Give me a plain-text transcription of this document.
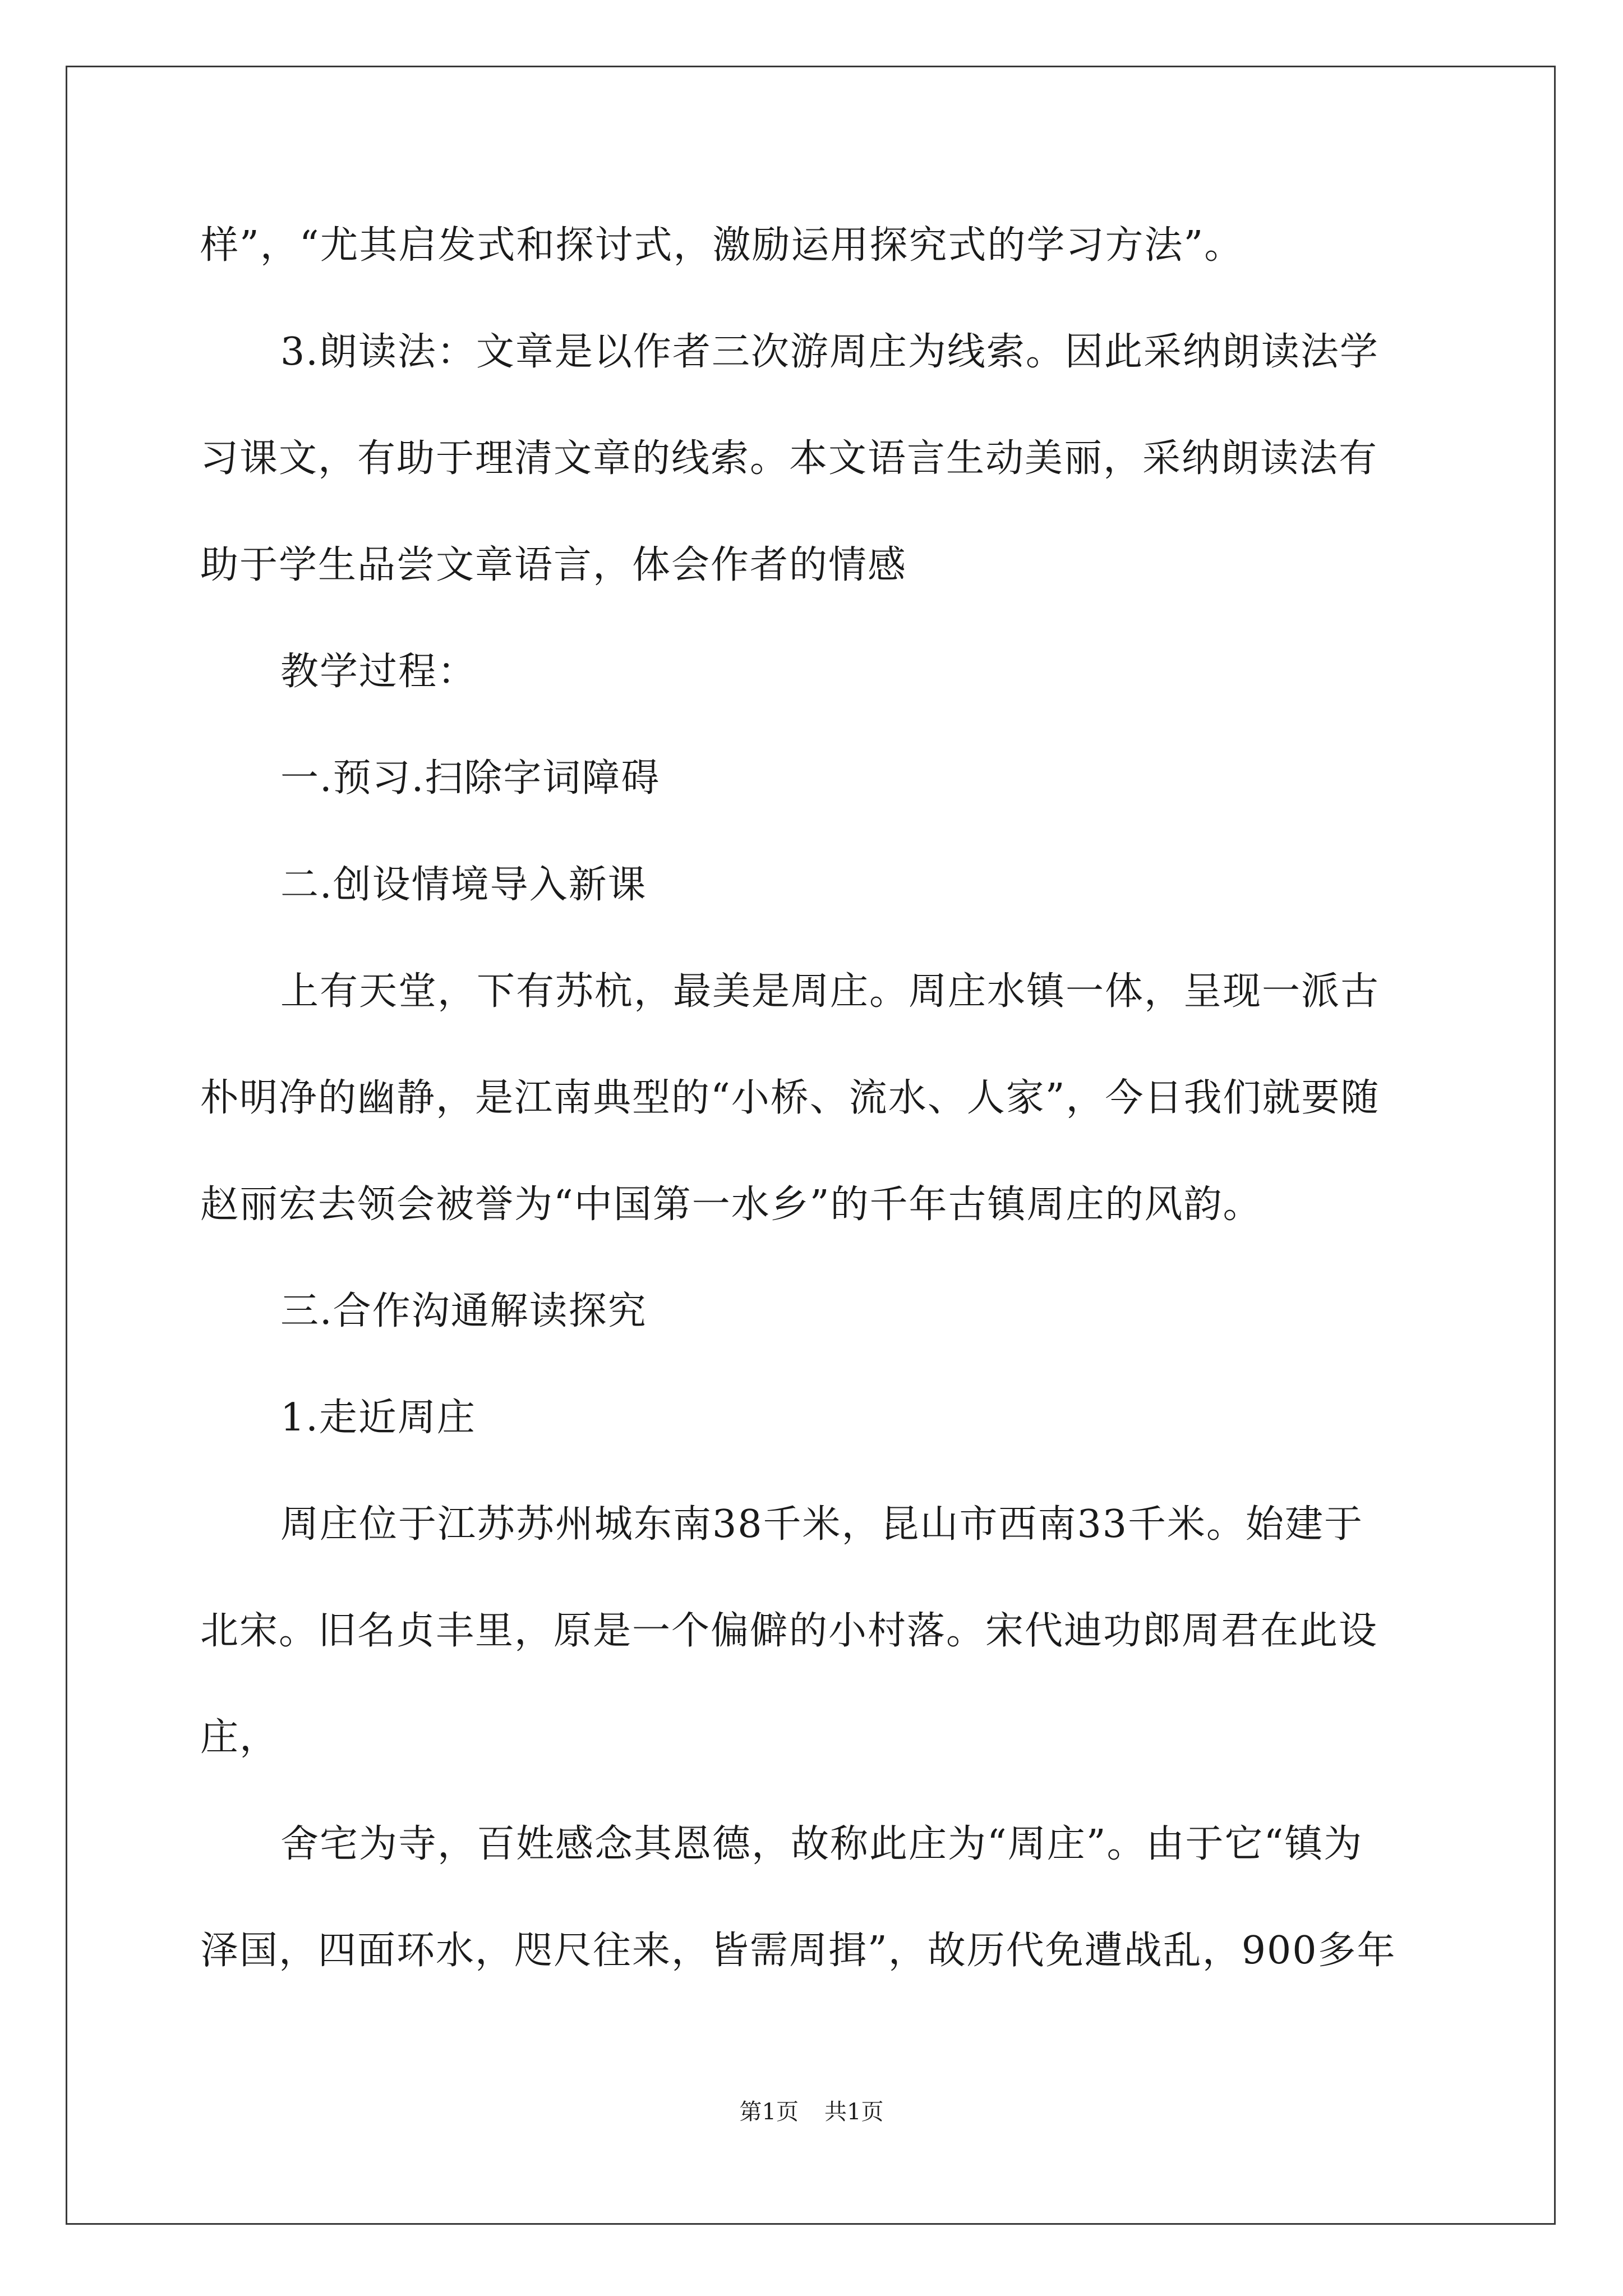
样”，“尤其启发式和探讨式，激励运用探究式的学习方法”。
3.朗读法：文章是以作者三次游周庄为线索。因此采纳朗读法学
习课文，有助于理清文章的线索。本文语言生动美丽，采纳朗读法有
助于学生品尝文章语言，体会作者的情感
教学过程：
一.预习.扫除字词障碍
二.创设情境导入新课
上有天堂，下有苏杭，最美是周庄。周庄水镇一体，呈现一派古
朴明净的幽静，是江南典型的“小桥、流水、人家”，今日我们就要随
赵丽宏去领会被誉为“中国第一水乡”的千年古镇周庄的风韵。
三.合作沟通解读探究
1.走近周庄
周庄位于江苏苏州城东南38千米，昆山市西南33千米。始建于
北宋。旧名贞丰里，原是一个偏僻的小村落。宋代迪功郎周君在此设
庄，
舍宅为寺，百姓感念其恩德，故称此庄为“周庄”。由于它“镇为
泽国，四面环水，咫尺往来，皆需周揖”，故历代免遭战乱，900多年
第1页 共1页
